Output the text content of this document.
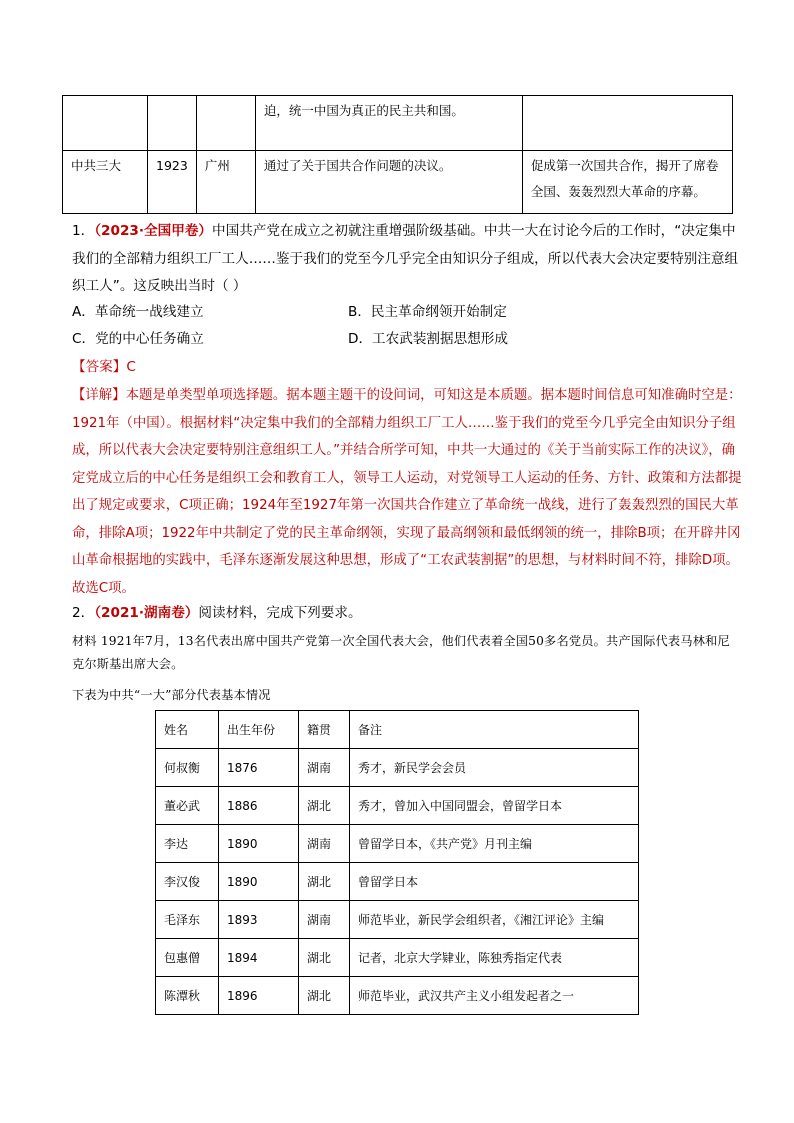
			迫，统一中国为真正的民主共和国。	
中共三大	1923	广州	通过了关于国共合作问题的决议。	促成第一次国共合作，揭开了席卷全国、轰轰烈烈大革命的序幕。
1．（2023·全国甲卷）中国共产党在成立之初就注重增强阶级基础。中共一大在讨论今后的工作时，“决定集中我们的全部精力组织工厂工人……鉴于我们的党至今几乎完全由知识分子组成，所以代表大会决定要特别注意组织工人”。这反映出当时（ ）
A．革命统一战线建立	B．民主革命纲领开始制定
C．党的中心任务确立	D．工农武装割据思想形成
【答案】C
【详解】本题是单类型单项选择题。据本题主题干的设问词，可知这是本质题。据本题时间信息可知准确时空是：1921年（中国）。根据材料“决定集中我们的全部精力组织工厂工人……鉴于我们的党至今几乎完全由知识分子组成，所以代表大会决定要特别注意组织工人。”并结合所学可知，中共一大通过的《关于当前实际工作的决议》，确定党成立后的中心任务是组织工会和教育工人，领导工人运动，对党领导工人运动的任务、方针、政策和方法都提出了规定或要求，C项正确；1924年至1927年第一次国共合作建立了革命统一战线，进行了轰轰烈烈的国民大革命，排除A项；1922年中共制定了党的民主革命纲领，实现了最高纲领和最低纲领的统一，排除B项；在开辟井冈山革命根据地的实践中，毛泽东逐渐发展这种思想，形成了“工农武装割据”的思想，与材料时间不符，排除D项。故选C项。
2．（2021·湖南卷）阅读材料，完成下列要求。
材料 1921年7月，13名代表出席中国共产党第一次全国代表大会，他们代表着全国50多名党员。共产国际代表马林和尼克尔斯基出席大会。
下表为中共“一大”部分代表基本情况
姓名	出生年份	籍贯	备注
何叔衡	1876	湖南	秀才，新民学会会员
董必武	1886	湖北	秀才，曾加入中国同盟会，曾留学日本
李达	1890	湖南	曾留学日本，《共产党》月刊主编
李汉俊	1890	湖北	曾留学日本
毛泽东	1893	湖南	师范毕业，新民学会组织者，《湘江评论》主编
包惠僧	1894	湖北	记者，北京大学肄业，陈独秀指定代表
陈潭秋	1896	湖北	师范毕业，武汉共产主义小组发起者之一
